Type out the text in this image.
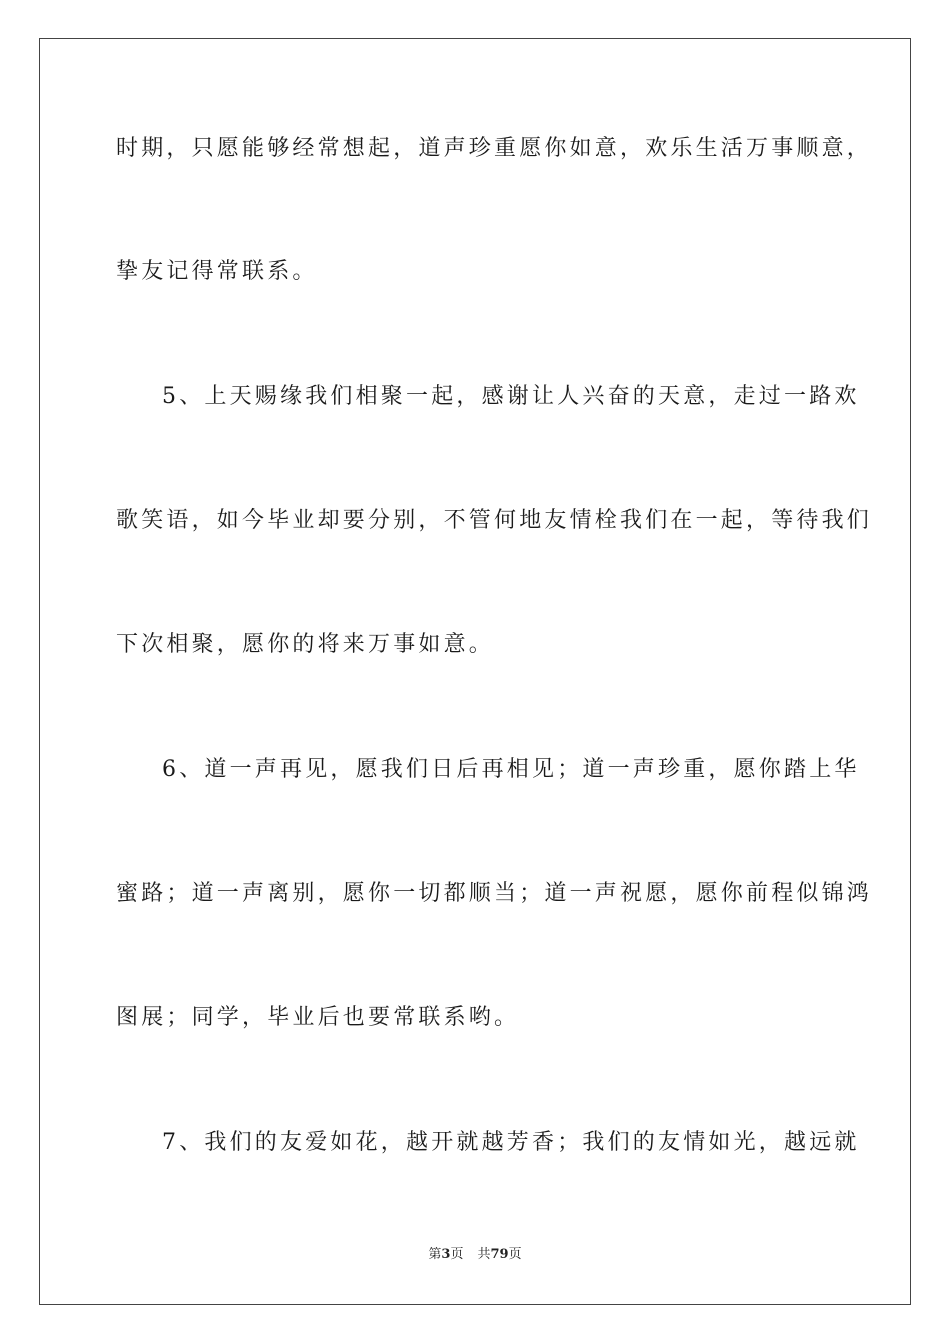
时期，只愿能够经常想起，道声珍重愿你如意，欢乐生活万事顺意，
挚友记得常联系。
5、上天赐缘我们相聚一起，感谢让人兴奋的天意，走过一路欢
歌笑语，如今毕业却要分别，不管何地友情栓我们在一起，等待我们
下次相聚，愿你的将来万事如意。
6、道一声再见，愿我们日后再相见；道一声珍重，愿你踏上华
蜜路；道一声离别，愿你一切都顺当；道一声祝愿，愿你前程似锦鸿
图展；同学，毕业后也要常联系哟。
7、我们的友爱如花，越开就越芳香；我们的友情如光，越远就
第3页 共79页
